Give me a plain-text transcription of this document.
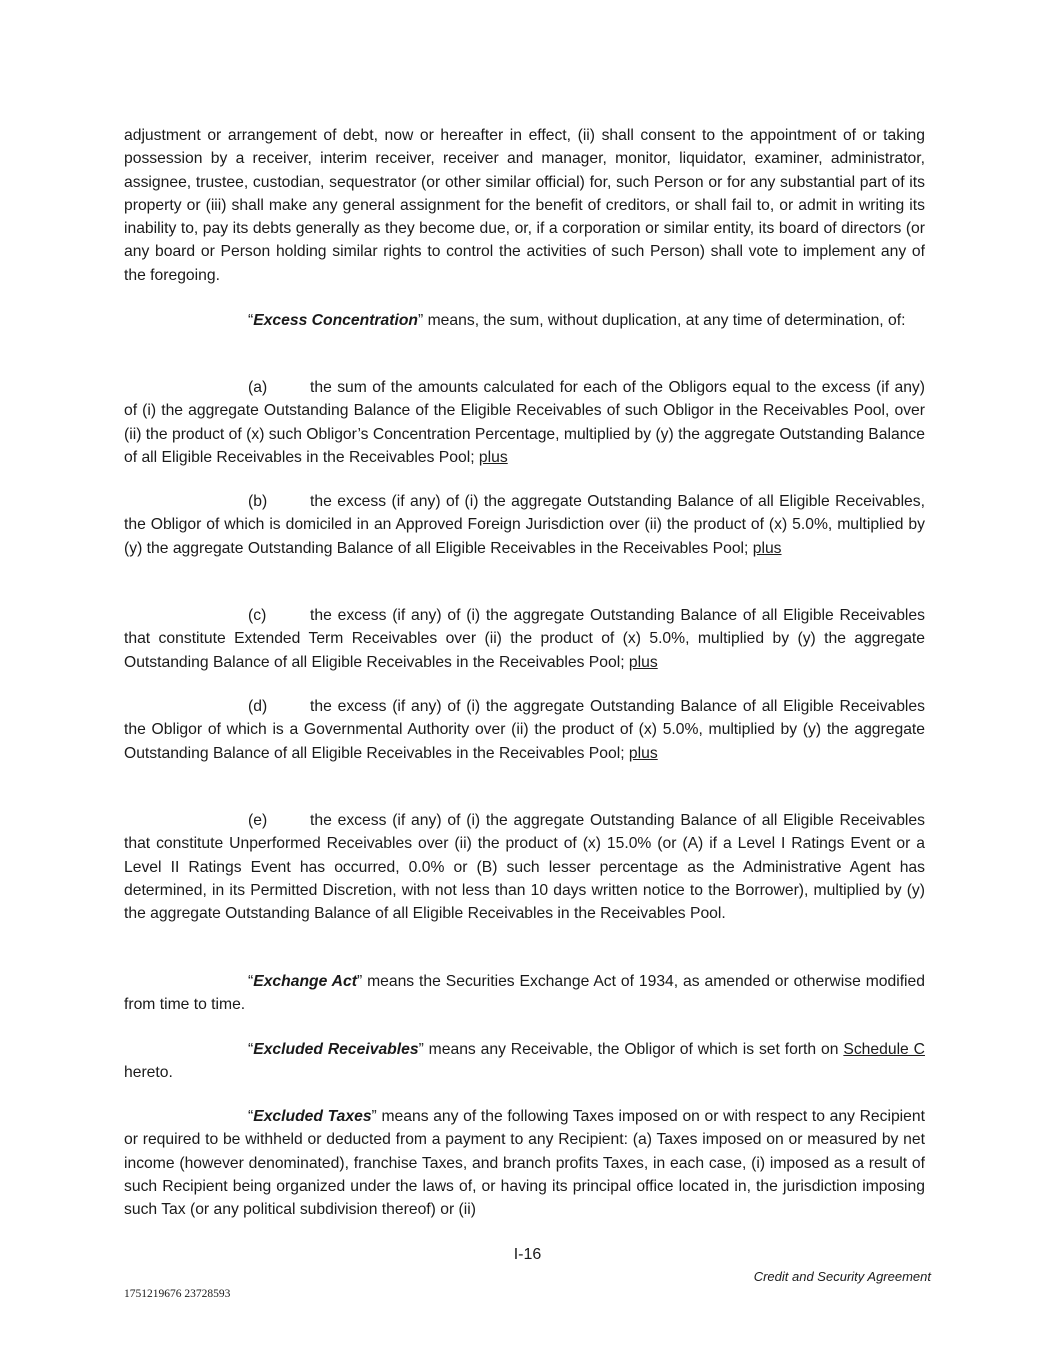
adjustment or arrangement of debt, now or hereafter in effect, (ii) shall consent to the appointment of or taking possession by a receiver, interim receiver, receiver and manager, monitor, liquidator, examiner, administrator, assignee, trustee, custodian, sequestrator (or other similar official) for, such Person or for any substantial part of its property or (iii) shall make any general assignment for the benefit of creditors, or shall fail to, or admit in writing its inability to, pay its debts generally as they become due, or, if a corporation or similar entity, its board of directors (or any board or Person holding similar rights to control the activities of such Person) shall vote to implement any of the foregoing.

“Excess Concentration” means, the sum, without duplication, at any time of determination, of:

(a)	the sum of the amounts calculated for each of the Obligors equal to the excess (if any) of (i) the aggregate Outstanding Balance of the Eligible Receivables of such Obligor in the Receivables Pool, over (ii) the product of (x) such Obligor’s Concentration Percentage, multiplied by (y) the aggregate Outstanding Balance of all Eligible Receivables in the Receivables Pool; plus

(b)	the excess (if any) of (i) the aggregate Outstanding Balance of all Eligible Receivables, the Obligor of which is domiciled in an Approved Foreign Jurisdiction over (ii) the product of (x) 5.0%, multiplied by (y) the aggregate Outstanding Balance of all Eligible Receivables in the Receivables Pool; plus

(c)	the excess (if any) of (i) the aggregate Outstanding Balance of all Eligible Receivables that constitute Extended Term Receivables over (ii) the product of (x) 5.0%, multiplied by (y) the aggregate Outstanding Balance of all Eligible Receivables in the Receivables Pool; plus

(d)	the excess (if any) of (i) the aggregate Outstanding Balance of all Eligible Receivables the Obligor of which is a Governmental Authority over (ii) the product of (x) 5.0%, multiplied by (y) the aggregate Outstanding Balance of all Eligible Receivables in the Receivables Pool; plus

(e)	the excess (if any) of (i) the aggregate Outstanding Balance of all Eligible Receivables that constitute Unperformed Receivables over (ii) the product of (x) 15.0% (or (A) if a Level I Ratings Event or a Level II Ratings Event has occurred, 0.0% or (B) such lesser percentage as the Administrative Agent has determined, in its Permitted Discretion, with not less than 10 days written notice to the Borrower), multiplied by (y) the aggregate Outstanding Balance of all Eligible Receivables in the Receivables Pool.

“Exchange Act” means the Securities Exchange Act of 1934, as amended or otherwise modified from time to time.

“Excluded Receivables” means any Receivable, the Obligor of which is set forth on Schedule C hereto.

“Excluded Taxes” means any of the following Taxes imposed on or with respect to any Recipient or required to be withheld or deducted from a payment to any Recipient: (a) Taxes imposed on or measured by net income (however denominated), franchise Taxes, and branch profits Taxes, in each case, (i) imposed as a result of such Recipient being organized under the laws of, or having its principal office located in, the jurisdiction imposing such Tax (or any political subdivision thereof) or (ii)

I-16
Credit and Security Agreement
1751219676 23728593
